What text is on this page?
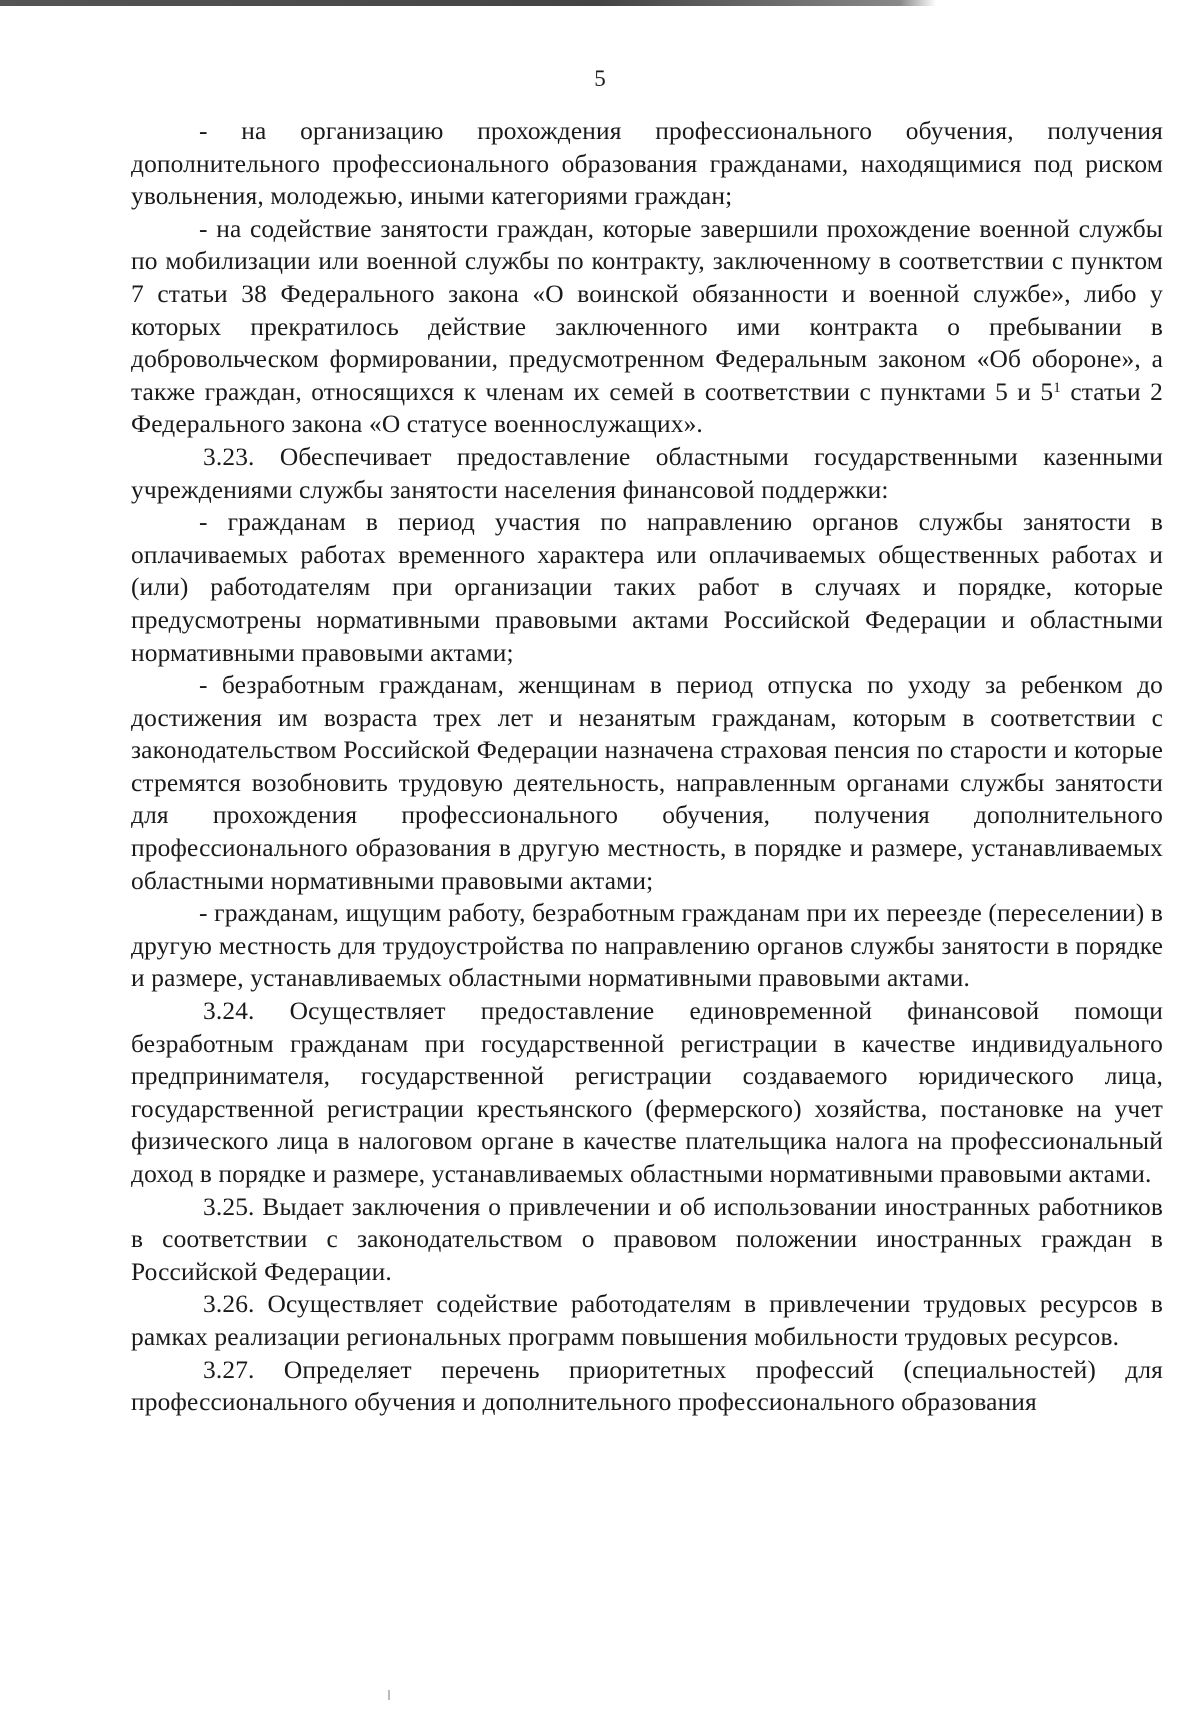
5

- на организацию прохождения профессионального обучения, получения дополнительного профессионального образования гражданами, находящимися под риском увольнения, молодежью, иными категориями граждан;

- на содействие занятости граждан, которые завершили прохождение военной службы по мобилизации или военной службы по контракту, заключенному в соответствии с пунктом 7 статьи 38 Федерального закона «О воинской обязанности и военной службе», либо у которых прекратилось действие заключенного ими контракта о пребывании в добровольческом формировании, предусмотренном Федеральным законом «Об обороне», а также граждан, относящихся к членам их семей в соответствии с пунктами 5 и $5^1$ статьи 2 Федерального закона «О статусе военнослужащих».

3.23. Обеспечивает предоставление областными государственными казенными учреждениями службы занятости населения финансовой поддержки:

- гражданам в период участия по направлению органов службы занятости в оплачиваемых работах временного характера или оплачиваемых общественных работах и (или) работодателям при организации таких работ в случаях и порядке, которые предусмотрены нормативными правовыми актами Российской Федерации и областными нормативными правовыми актами;

- безработным гражданам, женщинам в период отпуска по уходу за ребенком до достижения им возраста трех лет и незанятым гражданам, которым в соответствии с законодательством Российской Федерации назначена страховая пенсия по старости и которые стремятся возобновить трудовую деятельность, направленным органами службы занятости для прохождения профессионального обучения, получения дополнительного профессионального образования в другую местность, в порядке и размере, устанавливаемых областными нормативными правовыми актами;

- гражданам, ищущим работу, безработным гражданам при их переезде (переселении) в другую местность для трудоустройства по направлению органов службы занятости в порядке и размере, устанавливаемых областными нормативными правовыми актами.

3.24. Осуществляет предоставление единовременной финансовой помощи безработным гражданам при государственной регистрации в качестве индивидуального предпринимателя, государственной регистрации создаваемого юридического лица, государственной регистрации крестьянского (фермерского) хозяйства, постановке на учет физического лица в налоговом органе в качестве плательщика налога на профессиональный доход в порядке и размере, устанавливаемых областными нормативными правовыми актами.

3.25. Выдает заключения о привлечении и об использовании иностранных работников в соответствии с законодательством о правовом положении иностранных граждан в Российской Федерации.

3.26. Осуществляет содействие работодателям в привлечении трудовых ресурсов в рамках реализации региональных программ повышения мобильности трудовых ресурсов.

3.27. Определяет перечень приоритетных профессий (специальностей) для профессионального обучения и дополнительного профессионального образования
